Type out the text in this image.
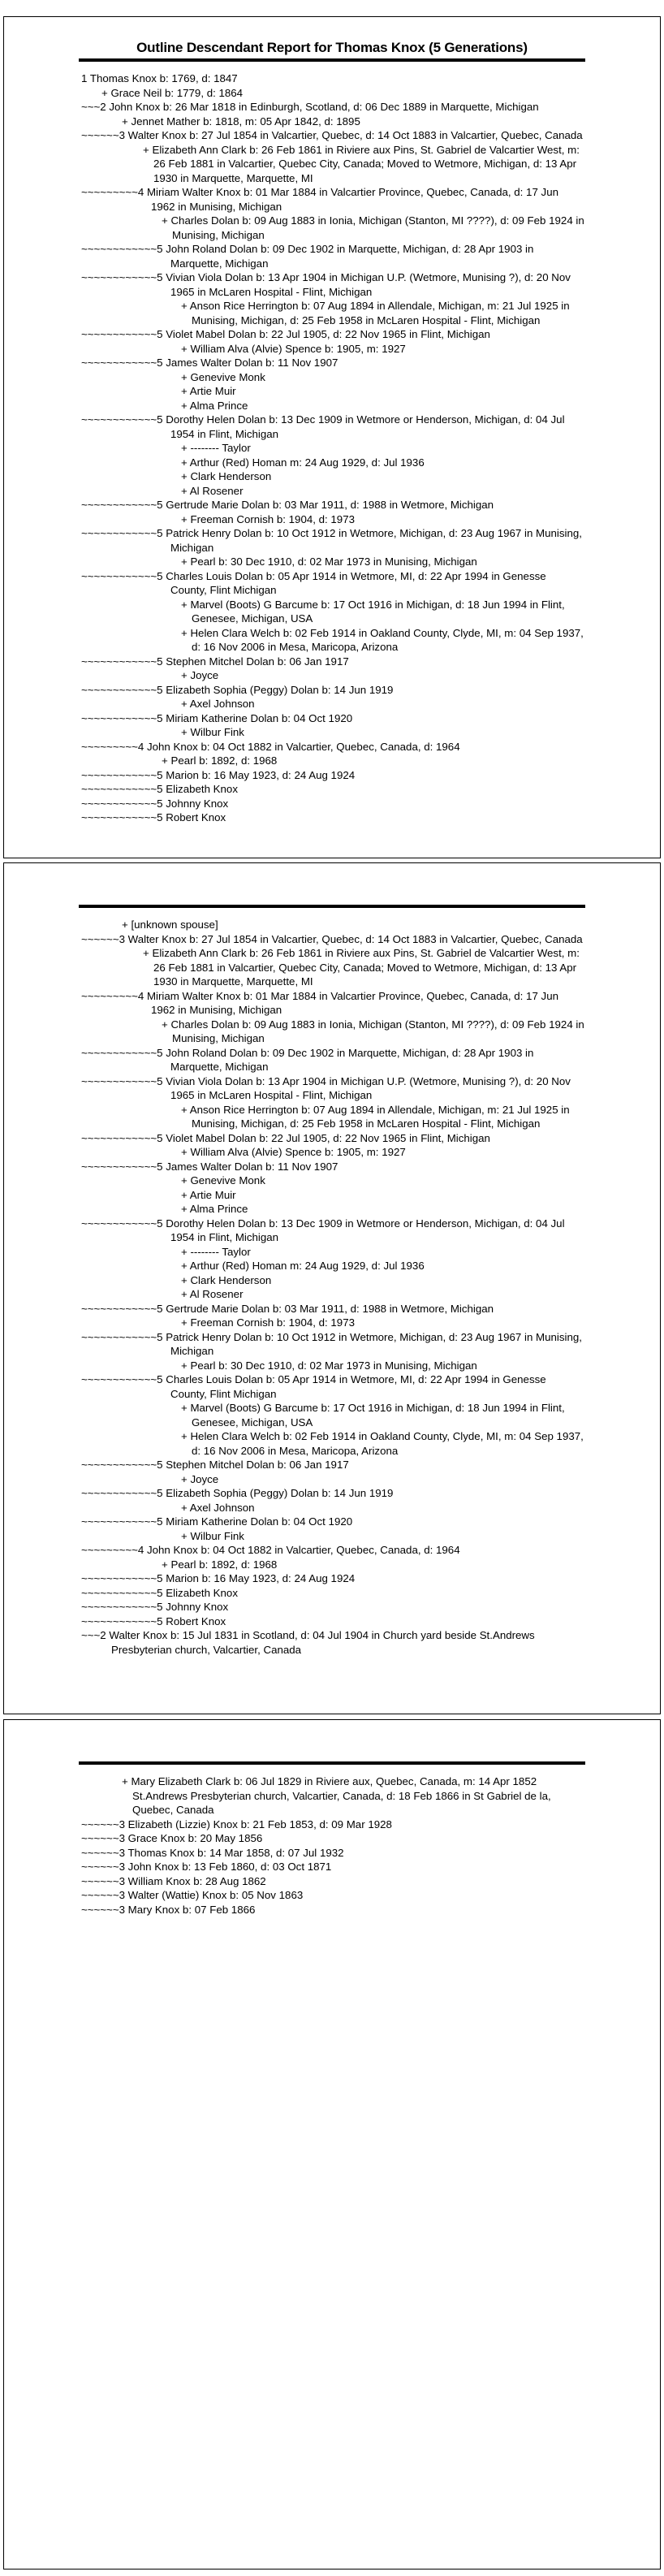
Outline Descendant Report for Thomas Knox (5 Generations)
1 Thomas Knox b: 1769, d: 1847
+ Grace Neil b: 1779, d: 1864
~~~2 John Knox b: 26 Mar 1818 in Edinburgh, Scotland, d: 06 Dec 1889 in Marquette, Michigan
+ Jennet Mather b: 1818, m: 05 Apr 1842, d: 1895
~~~~~~3 Walter Knox b: 27 Jul 1854 in Valcartier, Quebec, d: 14 Oct 1883 in Valcartier, Quebec, Canada
+ Elizabeth Ann Clark b: 26 Feb 1861 in Riviere aux Pins, St. Gabriel de Valcartier West, m: 26 Feb 1881 in Valcartier, Quebec City, Canada; Moved to Wetmore, Michigan, d: 13 Apr 1930 in Marquette, Marquette, MI
~~~~~~~~~4 Miriam Walter Knox b: 01 Mar 1884 in Valcartier Province, Quebec, Canada, d: 17 Jun 1962 in Munising, Michigan
+ Charles Dolan b: 09 Aug 1883 in Ionia, Michigan (Stanton, MI ????), d: 09 Feb 1924 in Munising, Michigan
~~~~~~~~~~~~5 John Roland Dolan b: 09 Dec 1902 in Marquette, Michigan, d: 28 Apr 1903 in Marquette, Michigan
~~~~~~~~~~~~5 Vivian Viola Dolan b: 13 Apr 1904 in Michigan U.P. (Wetmore, Munising ?), d: 20 Nov 1965 in McLaren Hospital - Flint, Michigan
+ Anson Rice Herrington b: 07 Aug 1894 in Allendale, Michigan, m: 21 Jul 1925 in Munising, Michigan, d: 25 Feb 1958 in McLaren Hospital - Flint, Michigan
~~~~~~~~~~~~5 Violet Mabel Dolan b: 22 Jul 1905, d: 22 Nov 1965 in Flint, Michigan
+ William Alva (Alvie) Spence b: 1905, m: 1927
~~~~~~~~~~~~5 James Walter Dolan b: 11 Nov 1907
+ Genevive Monk
+ Artie Muir
+ Alma Prince
~~~~~~~~~~~~5 Dorothy Helen Dolan b: 13 Dec 1909 in Wetmore or Henderson, Michigan, d: 04 Jul 1954 in Flint, Michigan
+ -------- Taylor
+ Arthur (Red) Homan m: 24 Aug 1929, d: Jul 1936
+ Clark Henderson
+ Al Rosener
~~~~~~~~~~~~5 Gertrude Marie Dolan b: 03 Mar 1911, d: 1988 in Wetmore, Michigan
+ Freeman Cornish b: 1904, d: 1973
~~~~~~~~~~~~5 Patrick Henry Dolan b: 10 Oct 1912 in Wetmore, Michigan, d: 23 Aug 1967 in Munising, Michigan
+ Pearl b: 30 Dec 1910, d: 02 Mar 1973 in Munising, Michigan
~~~~~~~~~~~~5 Charles Louis Dolan b: 05 Apr 1914 in Wetmore, MI, d: 22 Apr 1994 in Genesse County, Flint Michigan
+ Marvel (Boots) G Barcume b: 17 Oct 1916 in Michigan, d: 18 Jun 1994 in Flint, Genesee, Michigan, USA
+ Helen Clara Welch b: 02 Feb 1914 in Oakland County, Clyde, MI, m: 04 Sep 1937, d: 16 Nov 2006 in Mesa, Maricopa, Arizona
~~~~~~~~~~~~5 Stephen Mitchel Dolan b: 06 Jan 1917
+ Joyce
~~~~~~~~~~~~5 Elizabeth Sophia (Peggy) Dolan b: 14 Jun 1919
+ Axel Johnson
~~~~~~~~~~~~5 Miriam Katherine Dolan b: 04 Oct 1920
+ Wilbur Fink
~~~~~~~~~4 John Knox b: 04 Oct 1882 in Valcartier, Quebec, Canada, d: 1964
+ Pearl b: 1892, d: 1968
~~~~~~~~~~~~5 Marion b: 16 May 1923, d: 24 Aug 1924
~~~~~~~~~~~~5 Elizabeth Knox
~~~~~~~~~~~~5 Johnny Knox
~~~~~~~~~~~~5 Robert Knox
+ [unknown spouse]
~~~~~~3 Walter Knox b: 27 Jul 1854 in Valcartier, Quebec, d: 14 Oct 1883 in Valcartier, Quebec, Canada
+ Elizabeth Ann Clark b: 26 Feb 1861 in Riviere aux Pins, St. Gabriel de Valcartier West, m: 26 Feb 1881 in Valcartier, Quebec City, Canada; Moved to Wetmore, Michigan, d: 13 Apr 1930 in Marquette, Marquette, MI
~~~~~~~~~4 Miriam Walter Knox b: 01 Mar 1884 in Valcartier Province, Quebec, Canada, d: 17 Jun 1962 in Munising, Michigan
+ Charles Dolan b: 09 Aug 1883 in Ionia, Michigan (Stanton, MI ????), d: 09 Feb 1924 in Munising, Michigan
~~~~~~~~~~~~5 John Roland Dolan b: 09 Dec 1902 in Marquette, Michigan, d: 28 Apr 1903 in Marquette, Michigan
~~~~~~~~~~~~5 Vivian Viola Dolan b: 13 Apr 1904 in Michigan U.P. (Wetmore, Munising ?), d: 20 Nov 1965 in McLaren Hospital - Flint, Michigan
+ Anson Rice Herrington b: 07 Aug 1894 in Allendale, Michigan, m: 21 Jul 1925 in Munising, Michigan, d: 25 Feb 1958 in McLaren Hospital - Flint, Michigan
~~~~~~~~~~~~5 Violet Mabel Dolan b: 22 Jul 1905, d: 22 Nov 1965 in Flint, Michigan
+ William Alva (Alvie) Spence b: 1905, m: 1927
~~~~~~~~~~~~5 James Walter Dolan b: 11 Nov 1907
+ Genevive Monk
+ Artie Muir
+ Alma Prince
~~~~~~~~~~~~5 Dorothy Helen Dolan b: 13 Dec 1909 in Wetmore or Henderson, Michigan, d: 04 Jul 1954 in Flint, Michigan
+ -------- Taylor
+ Arthur (Red) Homan m: 24 Aug 1929, d: Jul 1936
+ Clark Henderson
+ Al Rosener
~~~~~~~~~~~~5 Gertrude Marie Dolan b: 03 Mar 1911, d: 1988 in Wetmore, Michigan
+ Freeman Cornish b: 1904, d: 1973
~~~~~~~~~~~~5 Patrick Henry Dolan b: 10 Oct 1912 in Wetmore, Michigan, d: 23 Aug 1967 in Munising, Michigan
+ Pearl b: 30 Dec 1910, d: 02 Mar 1973 in Munising, Michigan
~~~~~~~~~~~~5 Charles Louis Dolan b: 05 Apr 1914 in Wetmore, MI, d: 22 Apr 1994 in Genesse County, Flint Michigan
+ Marvel (Boots) G Barcume b: 17 Oct 1916 in Michigan, d: 18 Jun 1994 in Flint, Genesee, Michigan, USA
+ Helen Clara Welch b: 02 Feb 1914 in Oakland County, Clyde, MI, m: 04 Sep 1937, d: 16 Nov 2006 in Mesa, Maricopa, Arizona
~~~~~~~~~~~~5 Stephen Mitchel Dolan b: 06 Jan 1917
+ Joyce
~~~~~~~~~~~~5 Elizabeth Sophia (Peggy) Dolan b: 14 Jun 1919
+ Axel Johnson
~~~~~~~~~~~~5 Miriam Katherine Dolan b: 04 Oct 1920
+ Wilbur Fink
~~~~~~~~~4 John Knox b: 04 Oct 1882 in Valcartier, Quebec, Canada, d: 1964
+ Pearl b: 1892, d: 1968
~~~~~~~~~~~~5 Marion b: 16 May 1923, d: 24 Aug 1924
~~~~~~~~~~~~5 Elizabeth Knox
~~~~~~~~~~~~5 Johnny Knox
~~~~~~~~~~~~5 Robert Knox
~~~2 Walter Knox b: 15 Jul 1831 in Scotland, d: 04 Jul 1904 in Church yard beside St.Andrews Presbyterian church, Valcartier, Canada
+ Mary Elizabeth Clark b: 06 Jul 1829 in Riviere aux, Quebec, Canada, m: 14 Apr 1852 St.Andrews Presbyterian church, Valcartier, Canada, d: 18 Feb 1866 in St Gabriel de la, Quebec, Canada
~~~~~~3 Elizabeth (Lizzie) Knox b: 21 Feb 1853, d: 09 Mar 1928
~~~~~~3 Grace Knox b: 20 May 1856
~~~~~~3 Thomas Knox b: 14 Mar 1858, d: 07 Jul 1932
~~~~~~3 John Knox b: 13 Feb 1860, d: 03 Oct 1871
~~~~~~3 William Knox b: 28 Aug 1862
~~~~~~3 Walter (Wattie) Knox b: 05 Nov 1863
~~~~~~3 Mary Knox b: 07 Feb 1866
